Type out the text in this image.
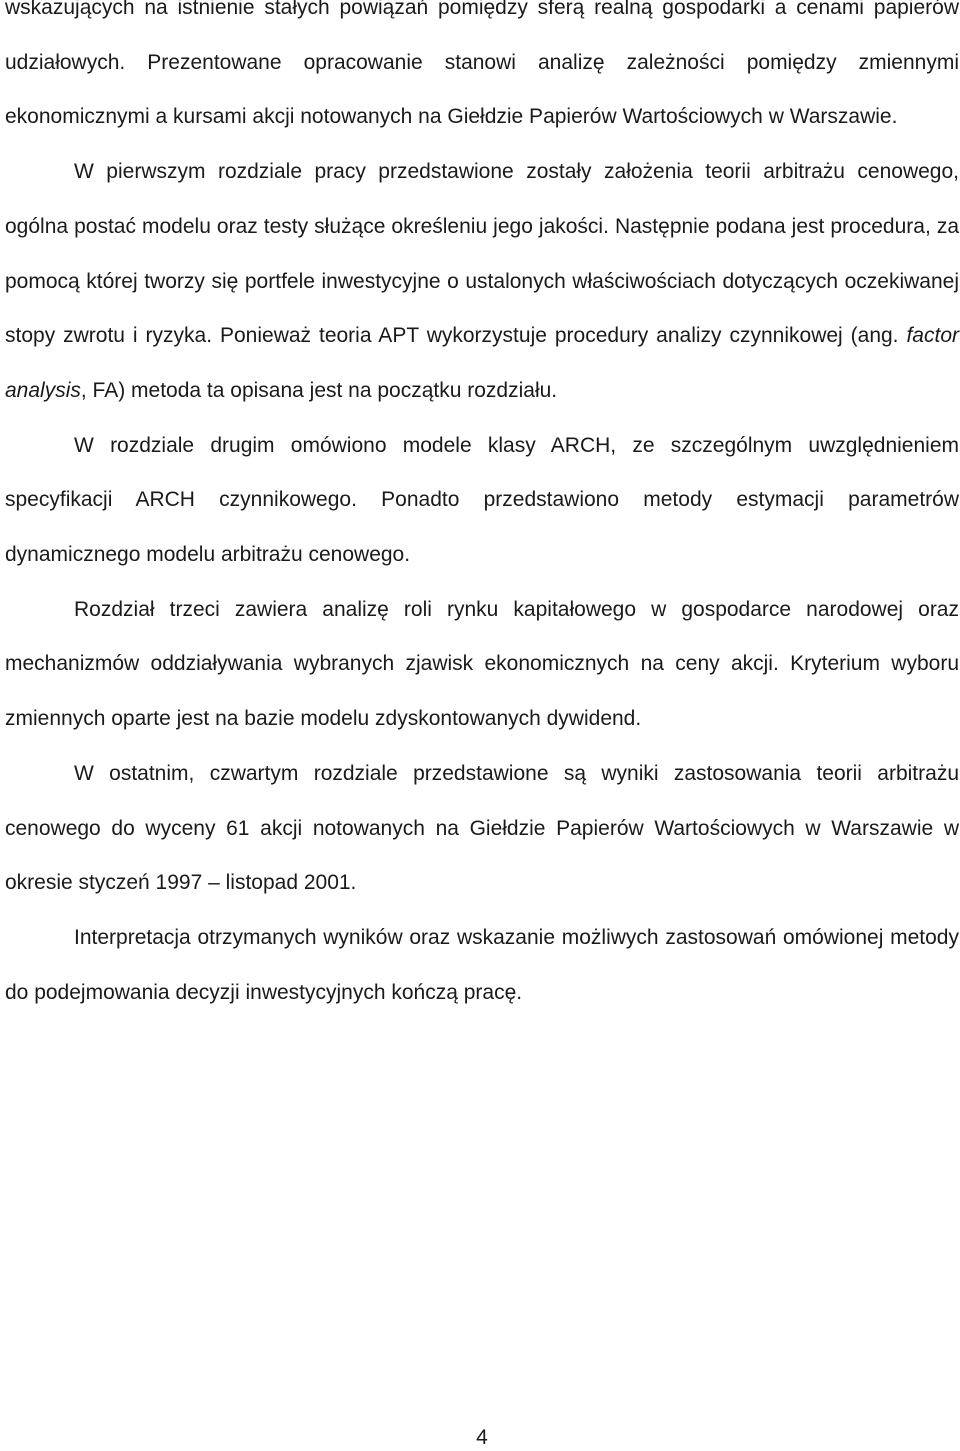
wskazujących na istnienie stałych powiązań pomiędzy sferą realną gospodarki a cenami papierów udziałowych. Prezentowane opracowanie stanowi analizę zależności pomiędzy zmiennymi ekonomicznymi a kursami akcji notowanych na Giełdzie Papierów Wartościowych w Warszawie.

W pierwszym rozdziale pracy przedstawione zostały założenia teorii arbitrażu cenowego, ogólna postać modelu oraz testy służące określeniu jego jakości. Następnie podana jest procedura, za pomocą której tworzy się portfele inwestycyjne o ustalonych właściwościach dotyczących oczekiwanej stopy zwrotu i ryzyka. Ponieważ teoria APT wykorzystuje procedury analizy czynnikowej (ang. factor analysis, FA) metoda ta opisana jest na początku rozdziału.

W rozdziale drugim omówiono modele klasy ARCH, ze szczególnym uwzględnieniem specyfikacji ARCH czynnikowego. Ponadto przedstawiono metody estymacji parametrów dynamicznego modelu arbitrażu cenowego.

Rozdział trzeci zawiera analizę roli rynku kapitałowego w gospodarce narodowej oraz mechanizmów oddziaływania wybranych zjawisk ekonomicznych na ceny akcji. Kryterium wyboru zmiennych oparte jest na bazie modelu zdyskontowanych dywidend.

W ostatnim, czwartym rozdziale przedstawione są wyniki zastosowania teorii arbitrażu cenowego do wyceny 61 akcji notowanych na Giełdzie Papierów Wartościowych w Warszawie w okresie styczeń 1997 – listopad 2001.

Interpretacja otrzymanych wyników oraz wskazanie możliwych zastosowań omówionej metody do podejmowania decyzji inwestycyjnych kończą pracę.

4
